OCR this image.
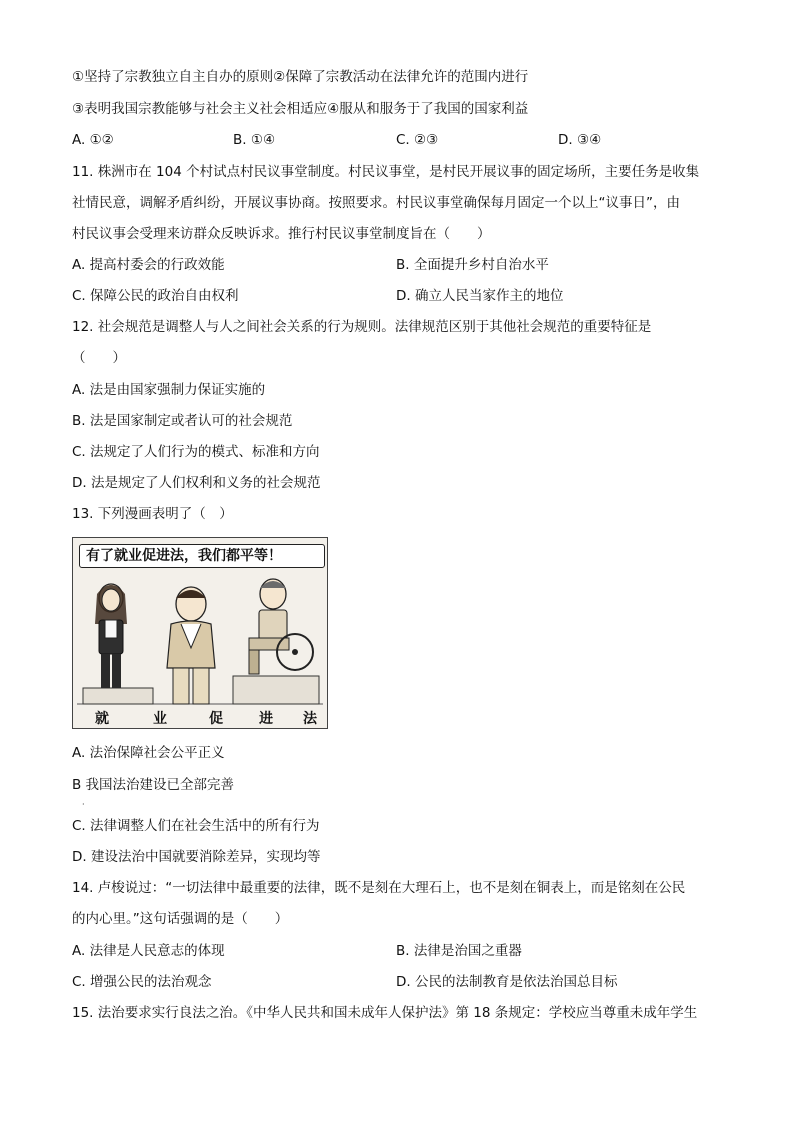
①坚持了宗教独立自主自办的原则②保障了宗教活动在法律允许的范围内进行
③表明我国宗教能够与社会主义社会相适应④服从和服务于了我国的国家利益
A. ①②	B. ①④	C. ②③	D. ③④
11. 株洲市在 104 个村试点村民议事堂制度。村民议事堂，是村民开展议事的固定场所，主要任务是收集
社情民意，调解矛盾纠纷，开展议事协商。按照要求。村民议事堂确保每月固定一个以上“议事日”，由
村民议事会受理来访群众反映诉求。推行村民议事堂制度旨在（　　）
A. 提高村委会的行政效能	B. 全面提升乡村自治水平
C. 保障公民的政治自由权利	D. 确立人民当家作主的地位
12. 社会规范是调整人与人之间社会关系的行为规则。法律规范区别于其他社会规范的重要特征是
（　　）
A. 法是由国家强制力保证实施的
B. 法是国家制定或者认可的社会规范
C. 法规定了人们行为的模式、标准和方向
D. 法是规定了人们权利和义务的社会规范
13. 下列漫画表明了（　）
有了就业促进法，我们都平等！
就	业	促	进 法
A. 法治保障社会公平正义
B 我国法治建设已全部完善
·
C. 法律调整人们在社会生活中的所有行为
D. 建设法治中国就要消除差异，实现均等
14. 卢梭说过：“一切法律中最重要的法律，既不是刻在大理石上，也不是刻在铜表上，而是铭刻在公民
的内心里。”这句话强调的是（　　）
A. 法律是人民意志的体现	B. 法律是治国之重器
C. 增强公民的法治观念	D. 公民的法制教育是依法治国总目标
15. 法治要求实行良法之治。《中华人民共和国未成年人保护法》第 18 条规定：学校应当尊重未成年学生
